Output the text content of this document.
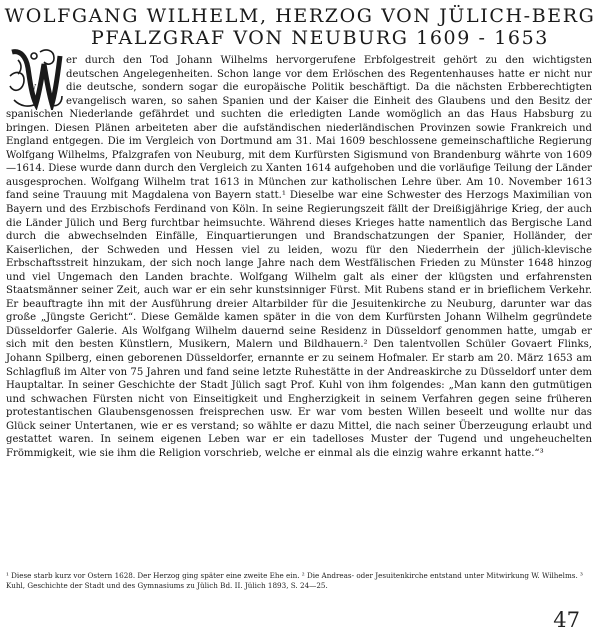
WOLFGANG WILHELM, HERZOG VON JÜLICH-BERG
PFALZGRAF VON NEUBURG 1609 - 1653
W

er durch den Tod Johann Wilhelms hervorgerufene Erbfolgestreit gehört zu den wichtigsten deutschen Angelegenheiten. Schon lange vor dem Erlöschen des Regentenhauses hatte er nicht nur die deutsche, sondern sogar die europäische Politik beschäftigt. Da die nächsten Erbberechtigten evangelisch waren, so sahen Spanien und der Kaiser die Einheit des Glaubens und den Besitz der spanischen Niederlande gefährdet und suchten die erledigten Lande womöglich an das Haus Habsburg zu bringen. Diesen Plänen arbeiteten aber die aufständischen niederländischen Provinzen sowie Frankreich und England entgegen. Die im Vergleich von Dortmund am 31. Mai 1609 beschlossene gemeinschaftliche Regierung Wolfgang Wilhelms, Pfalzgrafen von Neuburg, mit dem Kurfürsten Sigismund von Brandenburg währte von 1609—1614. Diese wurde dann durch den Vergleich zu Xanten 1614 aufgehoben und die vorläufige Teilung der Länder ausgesprochen. Wolfgang Wilhelm trat 1613 in München zur katholischen Lehre über. Am 10. November 1613 fand seine Trauung mit Magdalena von Bayern statt.¹ Dieselbe war eine Schwester des Herzogs Maximilian von Bayern und des Erzbischofs Ferdinand von Köln. In seine Regierungszeit fällt der Dreißigjährige Krieg, der auch die Länder Jülich und Berg furchtbar heimsuchte. Während dieses Krieges hatte namentlich das Bergische Land durch die abwechselnden Einfälle, Einquartierungen und Brandschatzungen der Spanier, Holländer, der Kaiserlichen, der Schweden und Hessen viel zu leiden, wozu für den Niederrhein der jülich-klevische Erbschaftsstreit hinzukam, der sich noch lange Jahre nach dem Westfälischen Frieden zu Münster 1648 hinzog und viel Ungemach den Landen brachte. Wolfgang Wilhelm galt als einer der klügsten und erfahrensten Staatsmänner seiner Zeit, auch war er ein sehr kunstsinniger Fürst. Mit Rubens stand er in brieflichem Verkehr. Er beauftragte ihn mit der Ausführung dreier Altarbilder für die Jesuitenkirche zu Neuburg, darunter war das große „Jüngste Gericht“. Diese Gemälde kamen später in die von dem Kurfürsten Johann Wilhelm gegründete Düsseldorfer Galerie. Als Wolfgang Wilhelm dauernd seine Residenz in Düsseldorf genommen hatte, umgab er sich mit den besten Künstlern, Musikern, Malern und Bildhauern.² Den talentvollen Schüler Govaert Flinks, Johann Spilberg, einen geborenen Düsseldorfer, ernannte er zu seinem Hofmaler. Er starb am 20. März 1653 am Schlagfluß im Alter von 75 Jahren und fand seine letzte Ruhestätte in der Andreaskirche zu Düsseldorf unter dem Hauptaltar. In seiner Geschichte der Stadt Jülich sagt Prof. Kuhl von ihm folgendes: „Man kann den gutmütigen und schwachen Fürsten nicht von Einseitigkeit und Engherzigkeit in seinem Verfahren gegen seine früheren protestantischen Glaubensgenossen freisprechen usw. Er war vom besten Willen beseelt und wollte nur das Glück seiner Untertanen, wie er es verstand; so wählte er dazu Mittel, die nach seiner Überzeugung erlaubt und gestattet waren. In seinem eigenen Leben war er ein tadelloses Muster der Tugend und ungeheuchelten Frömmigkeit, wie sie ihm die Religion vorschrieb, welche er einmal als die einzig wahre erkannt hatte.“³

¹ Diese starb kurz vor Ostern 1628. Der Herzog ging später eine zweite Ehe ein. ² Die Andreas- oder Jesuitenkirche entstand unter Mitwirkung W. Wilhelms. ³ Kuhl, Geschichte der Stadt und des Gymnasiums zu Jülich Bd. II. Jülich 1893, S. 24—25.

47
